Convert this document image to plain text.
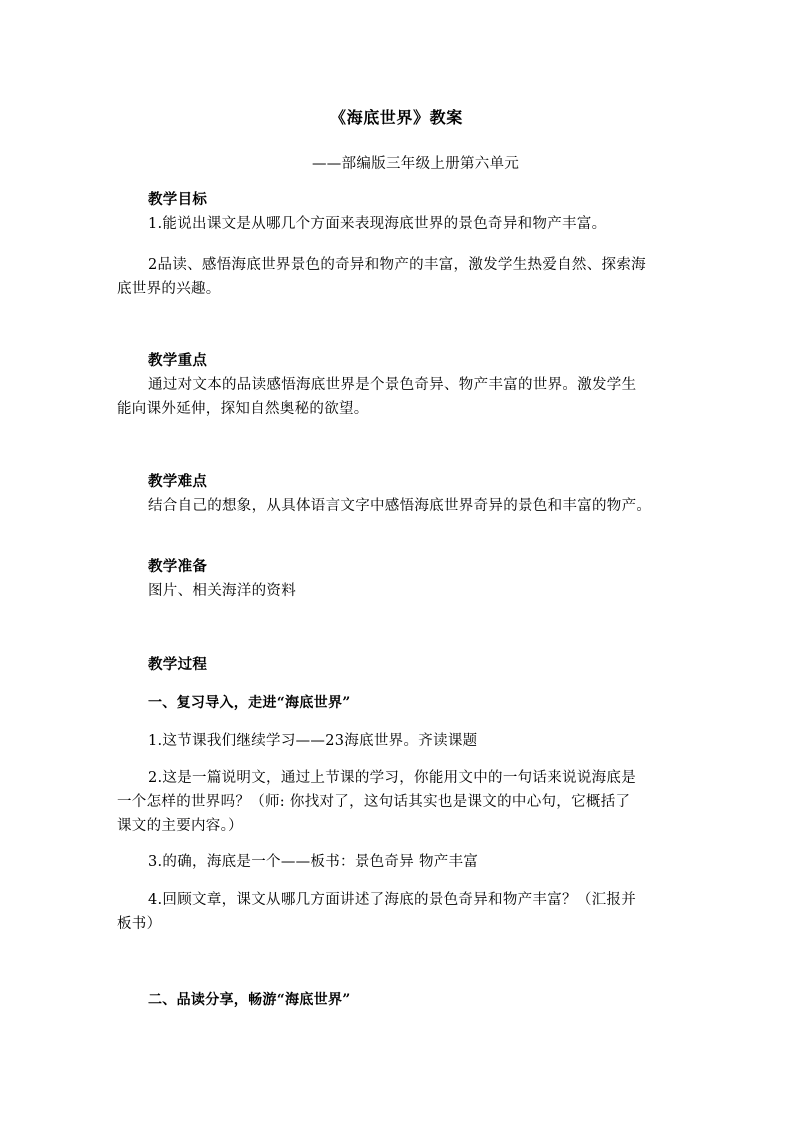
《海底世界》教案
——部编版三年级上册第六单元
教学目标
1.能说出课文是从哪几个方面来表现海底世界的景色奇异和物产丰富。
2品读、感悟海底世界景色的奇异和物产的丰富，激发学生热爱自然、探索海
底世界的兴趣。
教学重点
通过对文本的品读感悟海底世界是个景色奇异、物产丰富的世界。激发学生
能向课外延伸，探知自然奥秘的欲望。
教学难点
结合自己的想象，从具体语言文字中感悟海底世界奇异的景色和丰富的物产。
教学准备
图片、相关海洋的资料
教学过程
一、复习导入，走进“海底世界”
1.这节课我们继续学习——23海底世界。齐读课题
2.这是一篇说明文，通过上节课的学习，你能用文中的一句话来说说海底是
一个怎样的世界吗？（师: 你找对了，这句话其实也是课文的中心句，它概括了
课文的主要内容。）
3.的确，海底是一个——板书：景色奇异 物产丰富
4.回顾文章，课文从哪几方面讲述了海底的景色奇异和物产丰富？（汇报并
板书）
二、品读分享，畅游“海底世界”
